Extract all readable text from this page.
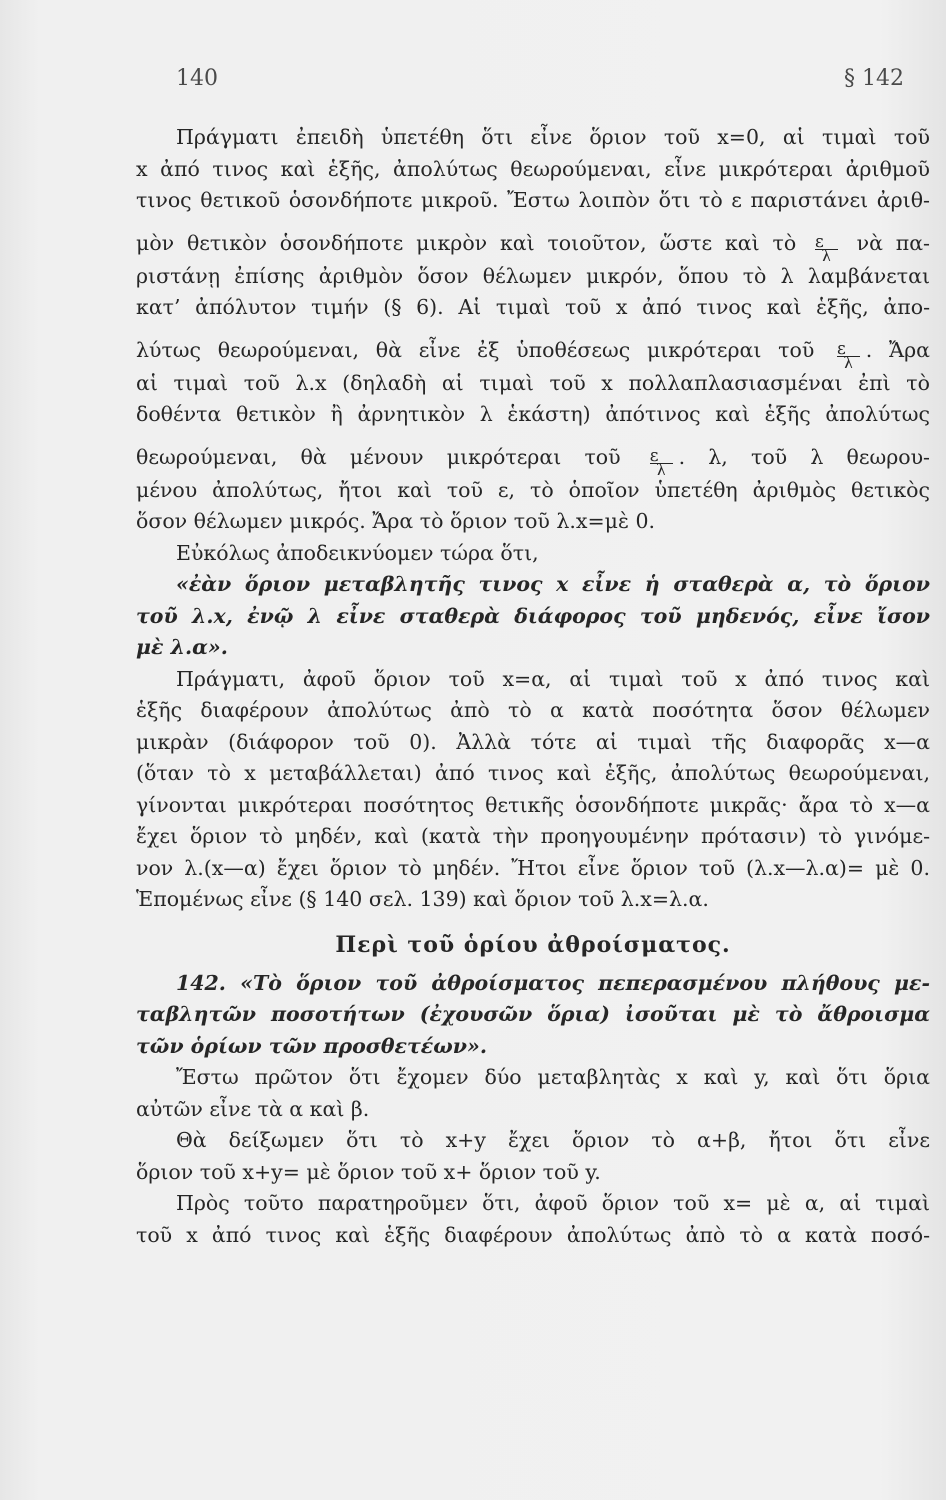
140	§ 142
Πράγματι ἐπειδὴ ὑπετέθη ὅτι εἶνε ὅριον τοῦ x=0, αἱ τιμαὶ τοῦ
x ἀπό τινος καὶ ἑξῆς, ἀπολύτως θεωρούμεναι, εἶνε μικρότεραι ἀριθμοῦ
τινος θετικοῦ ὁσονδήποτε μικροῦ. Ἔστω λοιπὸν ὅτι τὸ ε παριστάνει ἀριθ-
μὸν θετικὸν ὁσονδήποτε μικρὸν καὶ τοιοῦτον, ὥστε καὶ τὸ $\frac{\varepsilon}{\lambda}$ νὰ πα-
ριστάνῃ ἐπίσης ἀριθμὸν ὅσον θέλωμεν μικρόν, ὅπου τὸ λ λαμβάνεται
κατ’ ἀπόλυτον τιμήν (§ 6). Αἱ τιμαὶ τοῦ x ἀπό τινος καὶ ἑξῆς, ἀπο-
λύτως θεωρούμεναι, θὰ εἶνε ἐξ ὑποθέσεως μικρότεραι τοῦ $\frac{\varepsilon}{\lambda}$ . Ἄρα
αἱ τιμαὶ τοῦ λ.x (δηλαδὴ αἱ τιμαὶ τοῦ x πολλαπλασιασμέναι ἐπὶ τὸ
δοθέντα θετικὸν ἢ ἀρνητικὸν λ ἑκάστη) ἀπότινος καὶ ἑξῆς ἀπολύτως
θεωρούμεναι, θὰ μένουν μικρότεραι τοῦ $\frac{\varepsilon}{\lambda}$ . λ, τοῦ λ θεωρου-
μένου ἀπολύτως, ἤτοι καὶ τοῦ ε, τὸ ὁποῖον ὑπετέθη ἀριθμὸς θετικὸς
ὅσον θέλωμεν μικρός. Ἄρα τὸ ὅριον τοῦ λ.x=μὲ 0.
Εὐκόλως ἀποδεικνύομεν τώρα ὅτι,
«ἐὰν ὅριον μεταβλητῆς τινος x εἶνε ἡ σταθερὰ α, τὸ ὅριον
τοῦ λ.x, ἐνῷ λ εἶνε σταθερὰ διάφορος τοῦ μηδενός, εἶνε ἴσον
μὲ λ.α».
Πράγματι, ἀφοῦ ὅριον τοῦ x=α, αἱ τιμαὶ τοῦ x ἀπό τινος καὶ
ἑξῆς διαφέρουν ἀπολύτως ἀπὸ τὸ α κατὰ ποσότητα ὅσον θέλωμεν
μικρὰν (διάφορον τοῦ 0). Ἀλλὰ τότε αἱ τιμαὶ τῆς διαφορᾶς x—α
(ὅταν τὸ x μεταβάλλεται) ἀπό τινος καὶ ἑξῆς, ἀπολύτως θεωρούμεναι,
γίνονται μικρότεραι ποσότητος θετικῆς ὁσονδήποτε μικρᾶς· ἄρα τὸ x—α
ἔχει ὅριον τὸ μηδέν, καὶ (κατὰ τὴν προηγουμένην πρότασιν) τὸ γινόμε-
νον λ.(x—α) ἔχει ὅριον τὸ μηδέν. Ἤτοι εἶνε ὅριον τοῦ (λ.x—λ.α)= μὲ 0.
Ἑπομένως εἶνε (§ 140 σελ. 139) καὶ ὅριον τοῦ λ.x=λ.α.
Περὶ τοῦ ὁρίου ἀθροίσματος.
142. «Τὸ ὅριον τοῦ ἀθροίσματος πεπερασμένου πλήθους με-
ταβλητῶν ποσοτήτων (ἐχουσῶν ὅρια) ἰσοῦται μὲ τὸ ἄθροισμα
τῶν ὁρίων τῶν προσθετέων».
Ἔστω πρῶτον ὅτι ἔχομεν δύο μεταβλητὰς x καὶ y, καὶ ὅτι ὅρια
αὐτῶν εἶνε τὰ α καὶ β.
Θὰ δείξωμεν ὅτι τὸ x+y ἔχει ὅριον τὸ α+β, ἤτοι ὅτι εἶνε
ὅριον τοῦ x+y= μὲ ὅριον τοῦ x+ ὅριον τοῦ y.
Πρὸς τοῦτο παρατηροῦμεν ὅτι, ἀφοῦ ὅριον τοῦ x= μὲ α, αἱ τιμαὶ
τοῦ x ἀπό τινος καὶ ἑξῆς διαφέρουν ἀπολύτως ἀπὸ τὸ α κατὰ ποσό-
